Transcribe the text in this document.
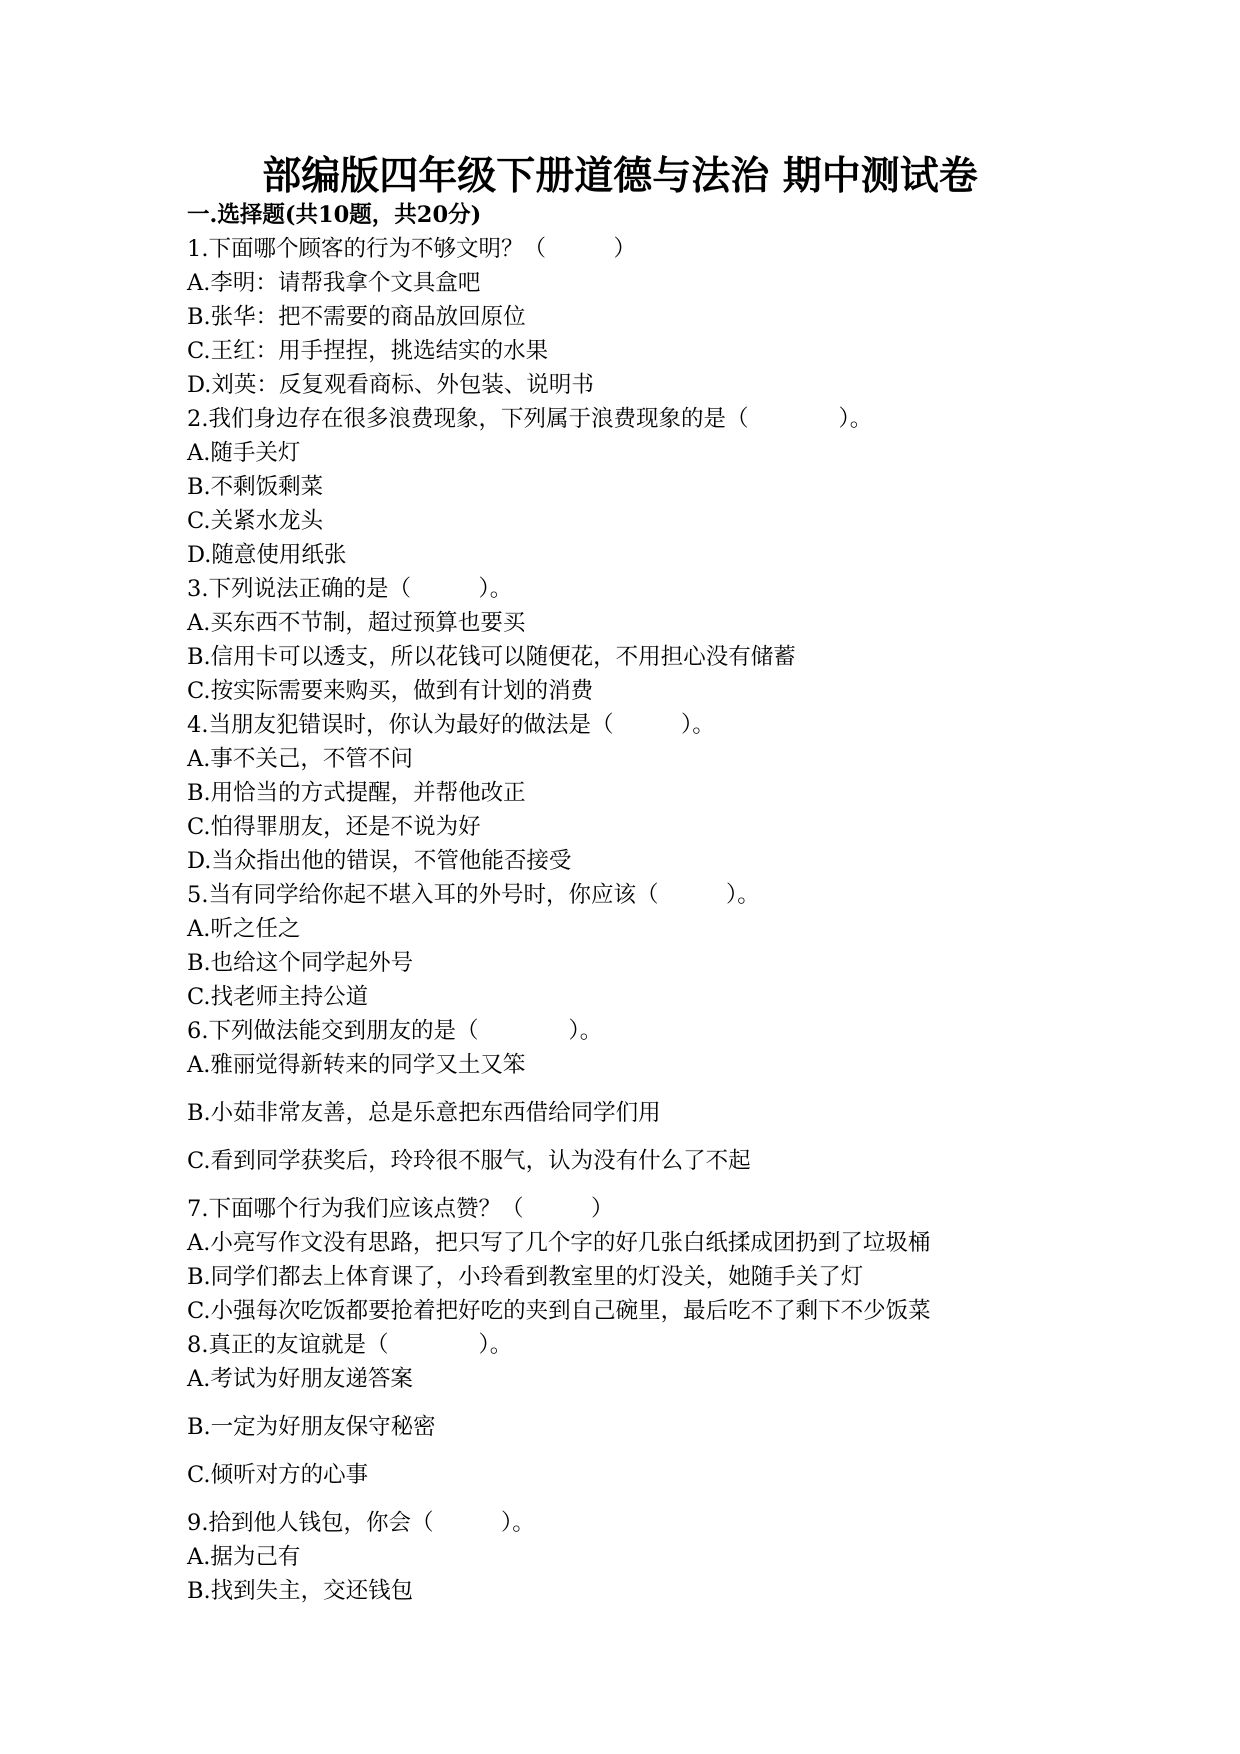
部编版四年级下册道德与法治 期中测试卷
一.选择题(共10题，共20分)
1.下面哪个顾客的行为不够文明？（　　　）
A.李明：请帮我拿个文具盒吧
B.张华：把不需要的商品放回原位
C.王红：用手捏捏，挑选结实的水果
D.刘英：反复观看商标、外包装、说明书
2.我们身边存在很多浪费现象，下列属于浪费现象的是（　　　　）。
A.随手关灯
B.不剩饭剩菜
C.关紧水龙头
D.随意使用纸张
3.下列说法正确的是（　　　）。
A.买东西不节制，超过预算也要买
B.信用卡可以透支，所以花钱可以随便花，不用担心没有储蓄
C.按实际需要来购买，做到有计划的消费
4.当朋友犯错误时，你认为最好的做法是（　　　）。
A.事不关己，不管不问
B.用恰当的方式提醒，并帮他改正
C.怕得罪朋友，还是不说为好
D.当众指出他的错误，不管他能否接受
5.当有同学给你起不堪入耳的外号时，你应该（　　　）。
A.听之任之
B.也给这个同学起外号
C.找老师主持公道
6.下列做法能交到朋友的是（　　　　）。
A.雅丽觉得新转来的同学又土又笨
B.小茹非常友善，总是乐意把东西借给同学们用
C.看到同学获奖后，玲玲很不服气，认为没有什么了不起
7.下面哪个行为我们应该点赞？（　　　）
A.小亮写作文没有思路，把只写了几个字的好几张白纸揉成团扔到了垃圾桶
B.同学们都去上体育课了，小玲看到教室里的灯没关，她随手关了灯
C.小强每次吃饭都要抢着把好吃的夹到自己碗里，最后吃不了剩下不少饭菜
8.真正的友谊就是（　　　　）。
A.考试为好朋友递答案
B.一定为好朋友保守秘密
C.倾听对方的心事
9.拾到他人钱包，你会（　　　）。
A.据为己有
B.找到失主，交还钱包
